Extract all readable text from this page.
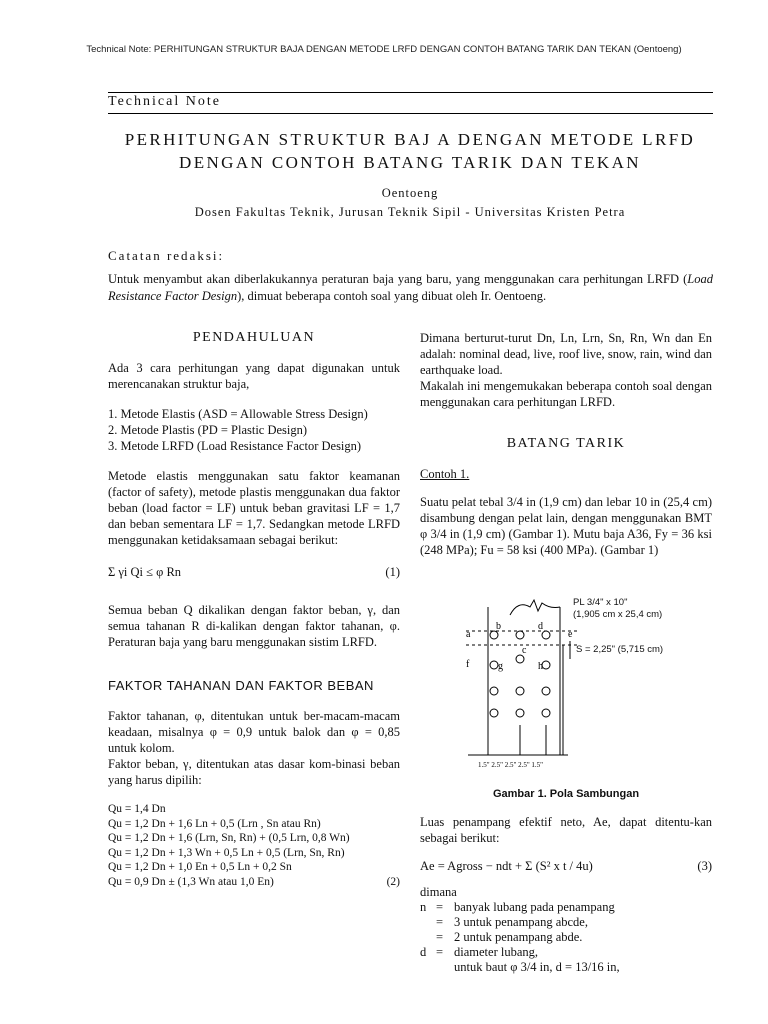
Technical Note: PERHITUNGAN STRUKTUR BAJA DENGAN METODE LRFD DENGAN CONTOH BATANG TARIK DAN TEKAN (Oentoeng)
Technical Note
PERHITUNGAN STRUKTUR BAJ A DENGAN METODE LRFD
DENGAN CONTOH BATANG TARIK DAN TEKAN
Oentoeng
Dosen Fakultas Teknik, Jurusan Teknik Sipil - Universitas Kristen Petra
Catatan redaksi:
Untuk menyambut akan diberlakukannya peraturan baja yang baru, yang menggunakan cara perhitungan LRFD (Load Resistance Factor Design), dimuat beberapa contoh soal yang dibuat oleh Ir. Oentoeng.
PENDAHULUAN

Ada 3 cara perhitungan yang dapat digunakan untuk merencanakan struktur baja,

1. Metode Elastis (ASD = Allowable Stress Design)
2. Metode Plastis (PD = Plastic Design)
3. Metode LRFD (Load Resistance Factor Design)

Metode elastis menggunakan satu faktor keamanan (factor of safety), metode plastis menggunakan dua faktor beban (load factor = LF) untuk beban gravitasi LF = 1,7 dan beban sementara LF = 1,7. Sedangkan metode LRFD menggunakan ketidaksamaan sebagai berikut:

Σ γi Qi ≤ φ Rn	(1)

Semua beban Q dikalikan dengan faktor beban, γ, dan semua tahanan R di-kalikan dengan faktor tahanan, φ. Peraturan baja yang baru menggunakan sistim LRFD.

FAKTOR TAHANAN DAN FAKTOR BEBAN

Faktor tahanan, φ, ditentukan untuk ber-macam-macam keadaan, misalnya φ = 0,9 untuk balok dan φ = 0,85 untuk kolom.

Faktor beban, γ, ditentukan atas dasar kom-binasi beban yang harus dipilih:

Qu = 1,4 Dn
Qu = 1,2 Dn + 1,6 Ln + 0,5 (Lrn , Sn atau Rn)
Qu = 1,2 Dn + 1,6 (Lrn, Sn, Rn) + (0,5 Lrn, 0,8 Wn)
Qu = 1,2 Dn + 1,3 Wn + 0,5 Ln + 0,5 (Lrn, Sn, Rn)
Qu = 1,2 Dn + 1,0 En + 0,5 Ln + 0,2 Sn
Qu = 0,9 Dn ± (1,3 Wn atau 1,0 En)	(2)

Dimana berturut-turut Dn, Ln, Lrn, Sn, Rn, Wn dan En adalah: nominal dead, live, roof live, snow, rain, wind dan earthquake load.

Makalah ini mengemukakan beberapa contoh soal dengan menggunakan cara perhitungan LRFD.

BATANG TARIK
Contoh 1.

Suatu pelat tebal 3/4 in (1,9 cm) dan lebar 10 in (25,4 cm) disambung dengan pelat lain, dengan menggunakan BMT φ 3/4 in (1,9 cm) (Gambar 1). Mutu baja A36, Fy = 36 ksi (248 MPa); Fu = 58 ksi (400 MPa). (Gambar 1)

a
b
c
d
e
f	g	h
1.5" 2.5" 2.5" 2.5" 1.5"
PL 3/4" x 10"
(1,905 cm x 25,4 cm)
S = 2,25" (5,715 cm)
Gambar 1. Pola Sambungan

Luas penampang efektif neto, Ae, dapat ditentu-kan sebagai berikut:

Ae = Agross − ndt + Σ (S² x t / 4u)	(3)
dimana
n	=	banyak lubang pada penampang
	=	3 untuk penampang abcde,
	=	2 untuk penampang abde.
d	=	diameter lubang,
		untuk baut φ 3/4 in, d = 13/16 in,
